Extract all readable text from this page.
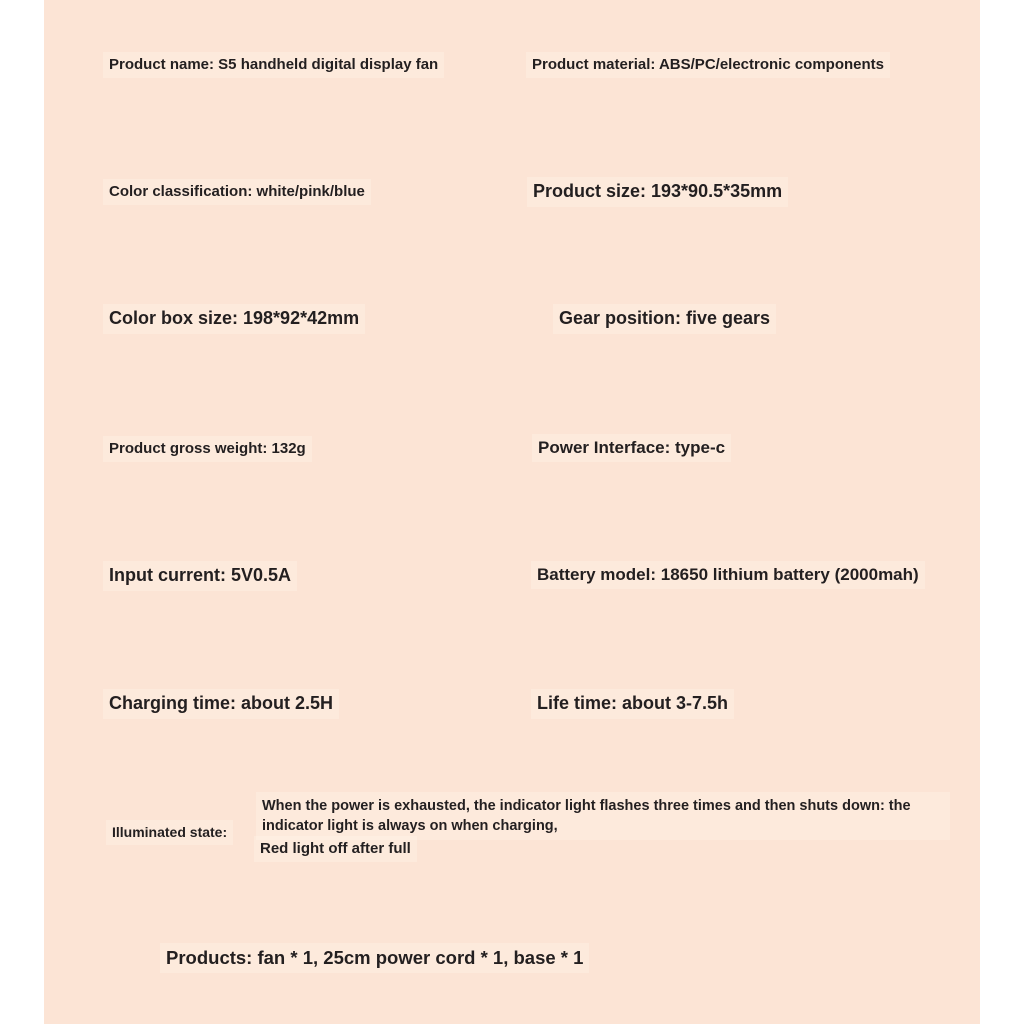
Product name: S5 handheld digital display fan	Product material: ABS/PC/electronic components
Color classification: white/pink/blue	Product size: 193*90.5*35mm
Color box size: 198*92*42mm	Gear position: five gears
Product gross weight: 132g	Power Interface: type-c
Input current: 5V0.5A	Battery model: 18650 lithium battery (2000mah)
Charging time: about 2.5H	Life time: about 3-7.5h
Illuminated state:
When the power is exhausted, the indicator light flashes three times and then shuts down: the indicator light is always on when charging,
Red light off after full
Products: fan * 1, 25cm power cord * 1, base * 1
